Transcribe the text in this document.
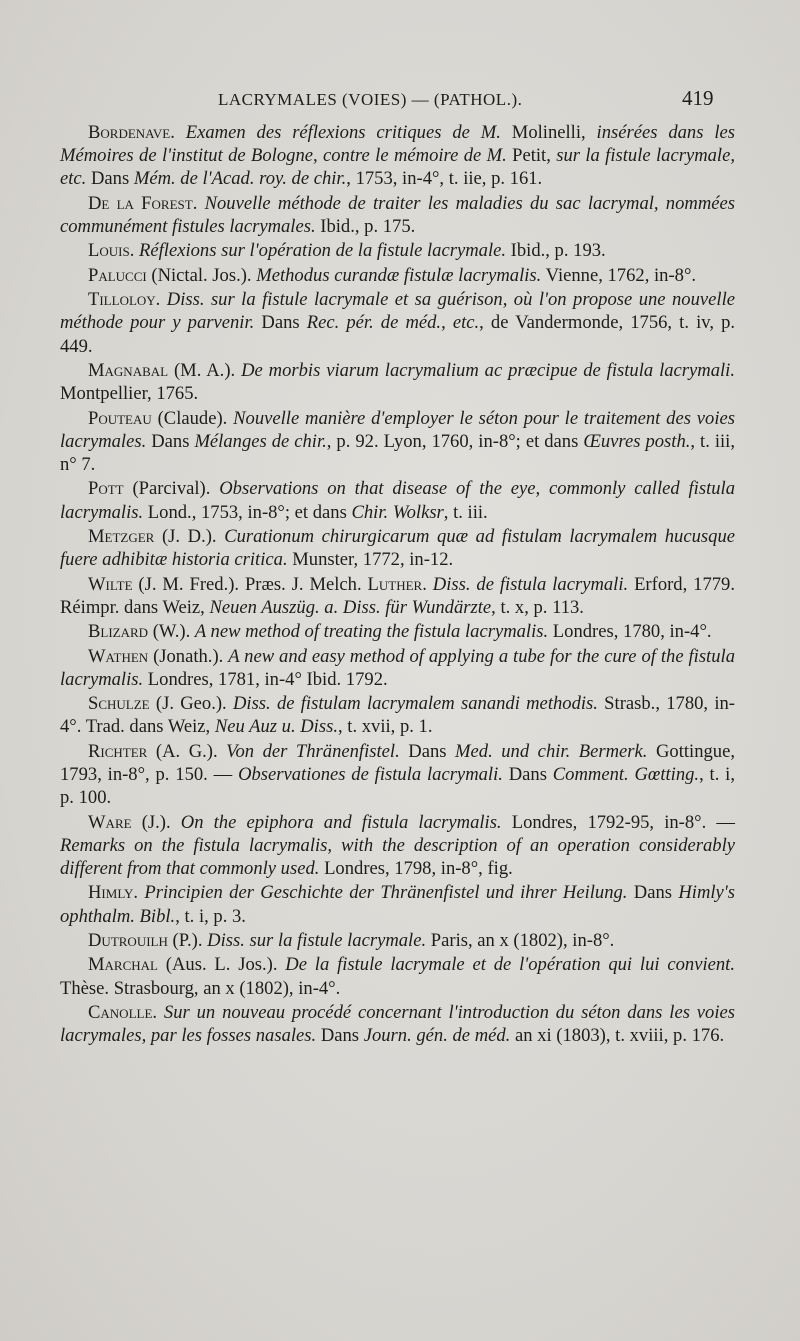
LACRYMALES (VOIES) — (PATHOL.).	419

Bordenave. Examen des réflexions critiques de M. Molinelli, insérées dans les Mémoires de l'institut de Bologne, contre le mémoire de M. Petit, sur la fistule lacrymale, etc. Dans Mém. de l'Acad. roy. de chir., 1753, in-4°, t. iie, p. 161.

De la Forest. Nouvelle méthode de traiter les maladies du sac lacrymal, nommées communément fistules lacrymales. Ibid., p. 175.

Louis. Réflexions sur l'opération de la fistule lacrymale. Ibid., p. 193.

Palucci (Nictal. Jos.). Methodus curandæ fistulæ lacrymalis. Vienne, 1762, in-8°.

Tilloloy. Diss. sur la fistule lacrymale et sa guérison, où l'on propose une nouvelle méthode pour y parvenir. Dans Rec. pér. de méd., etc., de Vandermonde, 1756, t. iv, p. 449.

Magnabal (M. A.). De morbis viarum lacrymalium ac præcipue de fistula lacrymali. Montpellier, 1765.

Pouteau (Claude). Nouvelle manière d'employer le séton pour le traitement des voies lacrymales. Dans Mélanges de chir., p. 92. Lyon, 1760, in-8°; et dans Œuvres posth., t. iii, n° 7.

Pott (Parcival). Observations on that disease of the eye, commonly called fistula lacrymalis. Lond., 1753, in-8°; et dans Chir. Wolksr, t. iii.

Metzger (J. D.). Curationum chirurgicarum quæ ad fistulam lacrymalem hucusque fuere adhibitæ historia critica. Munster, 1772, in-12.

Wilte (J. M. Fred.). Præs. J. Melch. Luther. Diss. de fistula lacrymali. Erford, 1779. Réimpr. dans Weiz, Neuen Auszüg. a. Diss. für Wundärzte, t. x, p. 113.

Blizard (W.). A new method of treating the fistula lacrymalis. Londres, 1780, in-4°.

Wathen (Jonath.). A new and easy method of applying a tube for the cure of the fistula lacrymalis. Londres, 1781, in-4° Ibid. 1792.

Schulze (J. Geo.). Diss. de fistulam lacrymalem sanandi methodis. Strasb., 1780, in-4°. Trad. dans Weiz, Neu Auz u. Diss., t. xvii, p. 1.

Richter (A. G.). Von der Thränenfistel. Dans Med. und chir. Bermerk. Gottingue, 1793, in-8°, p. 150. — Observationes de fistula lacrymali. Dans Comment. Gœtting., t. i, p. 100.

Ware (J.). On the epiphora and fistula lacrymalis. Londres, 1792-95, in-8°. — Remarks on the fistula lacrymalis, with the description of an operation considerably different from that commonly used. Londres, 1798, in-8°, fig.

Himly. Principien der Geschichte der Thränenfistel und ihrer Heilung. Dans Himly's ophthalm. Bibl., t. i, p. 3.

Dutrouilh (P.). Diss. sur la fistule lacrymale. Paris, an x (1802), in-8°.

Marchal (Aus. L. Jos.). De la fistule lacrymale et de l'opération qui lui convient. Thèse. Strasbourg, an x (1802), in-4°.

Canolle. Sur un nouveau procédé concernant l'introduction du séton dans les voies lacrymales, par les fosses nasales. Dans Journ. gén. de méd. an xi (1803), t. xviii, p. 176.
